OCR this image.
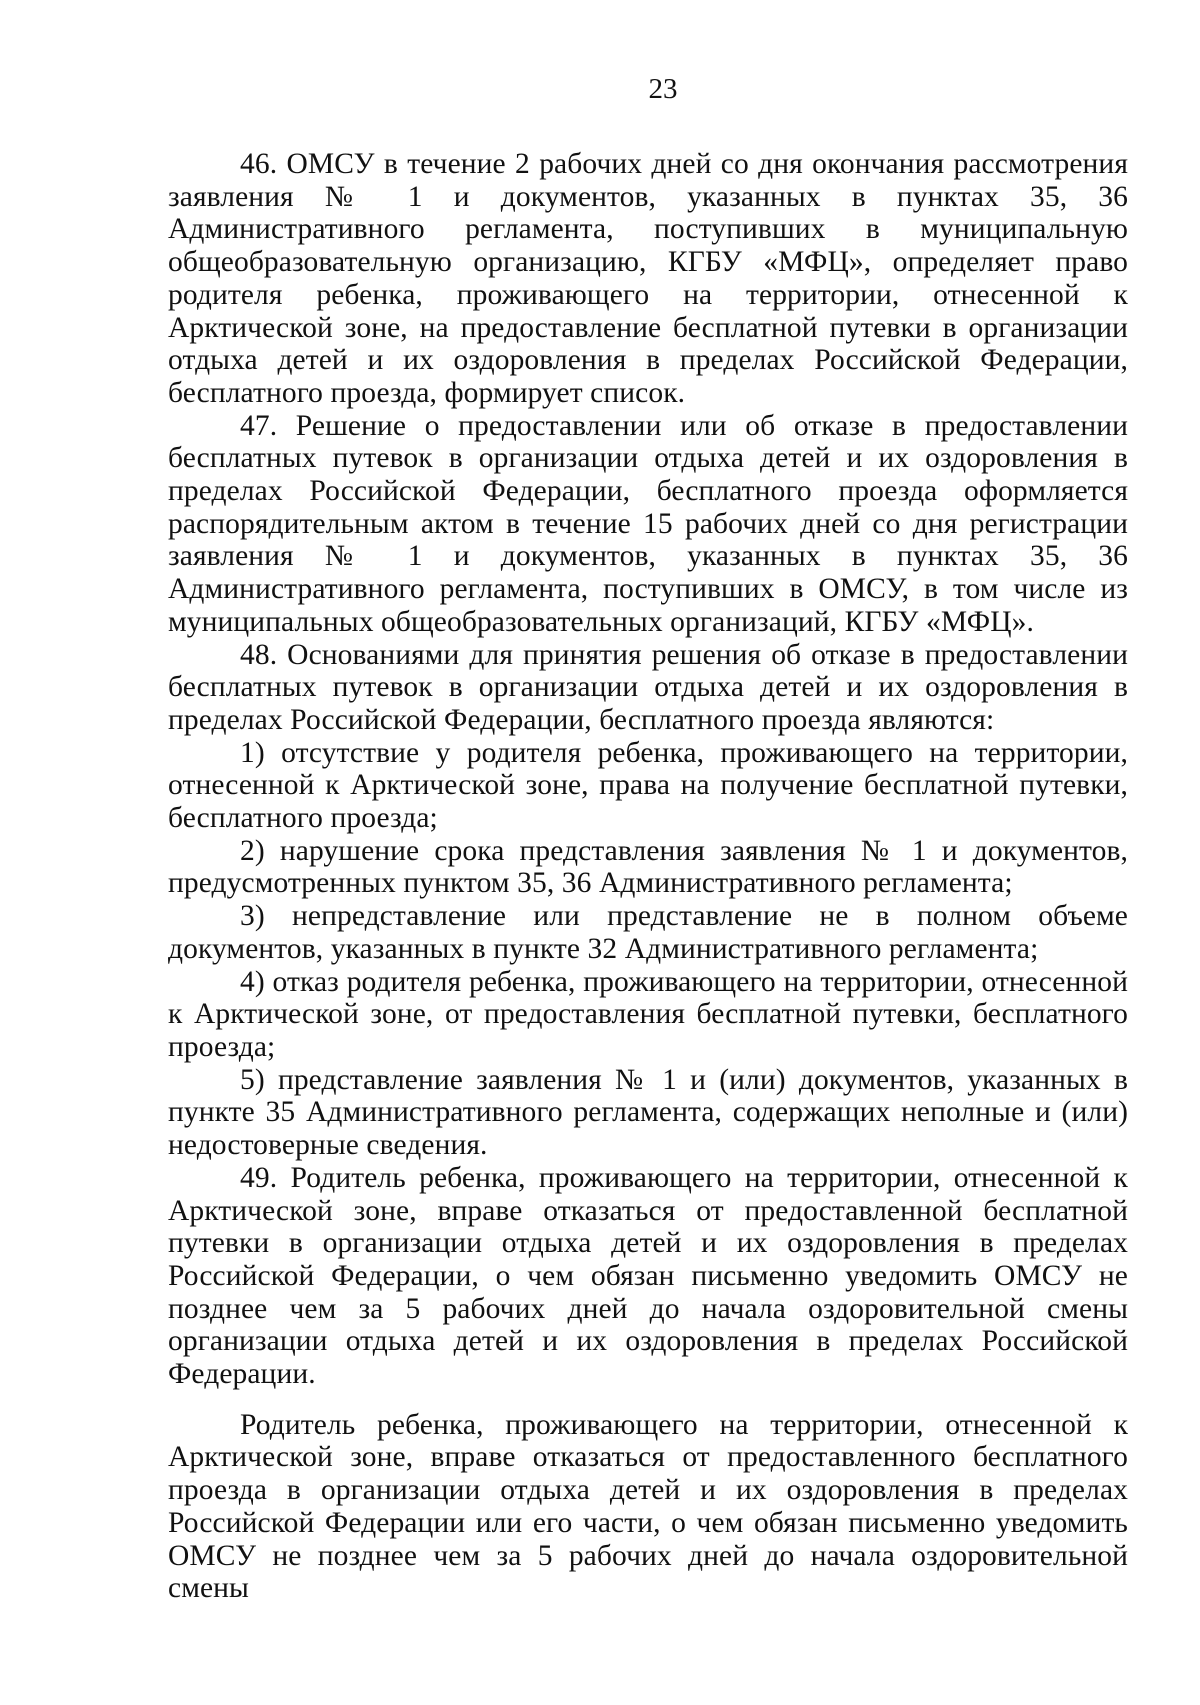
23

46. ОМСУ в течение 2 рабочих дней со дня окончания рассмотрения заявления № 1 и документов, указанных в пунктах 35, 36 Административного регламента, поступивших в муниципальную общеобразовательную организацию, КГБУ «МФЦ», определяет право родителя ребенка, проживающего на территории, отнесенной к Арктической зоне, на предоставление бесплатной путевки в организации отдыха детей и их оздоровления в пределах Российской Федерации, бесплатного проезда, формирует список.

47. Решение о предоставлении или об отказе в предоставлении бесплатных путевок в организации отдыха детей и их оздоровления в пределах Российской Федерации, бесплатного проезда оформляется распорядительным актом в течение 15 рабочих дней со дня регистрации заявления № 1 и документов, указанных в пунктах 35, 36 Административного регламента, поступивших в ОМСУ, в том числе из муниципальных общеобразовательных организаций, КГБУ «МФЦ».

48. Основаниями для принятия решения об отказе в предоставлении бесплатных путевок в организации отдыха детей и их оздоровления в пределах Российской Федерации, бесплатного проезда являются:

1) отсутствие у родителя ребенка, проживающего на территории, отнесенной к Арктической зоне, права на получение бесплатной путевки, бесплатного проезда;

2) нарушение срока представления заявления № 1 и документов, предусмотренных пунктом 35, 36 Административного регламента;

3) непредставление или представление не в полном объеме документов, указанных в пункте 32 Административного регламента;

4) отказ родителя ребенка, проживающего на территории, отнесенной к Арктической зоне, от предоставления бесплатной путевки, бесплатного проезда;

5) представление заявления № 1 и (или) документов, указанных в пункте 35 Административного регламента, содержащих неполные и (или) недостоверные сведения.

49. Родитель ребенка, проживающего на территории, отнесенной к Арктической зоне, вправе отказаться от предоставленной бесплатной путевки в организации отдыха детей и их оздоровления в пределах Российской Федерации, о чем обязан письменно уведомить ОМСУ не позднее чем за 5 рабочих дней до начала оздоровительной смены организации отдыха детей и их оздоровления в пределах Российской Федерации.

Родитель ребенка, проживающего на территории, отнесенной к Арктической зоне, вправе отказаться от предоставленного бесплатного проезда в организации отдыха детей и их оздоровления в пределах Российской Федерации или его части, о чем обязан письменно уведомить ОМСУ не позднее чем за 5 рабочих дней до начала оздоровительной смены
